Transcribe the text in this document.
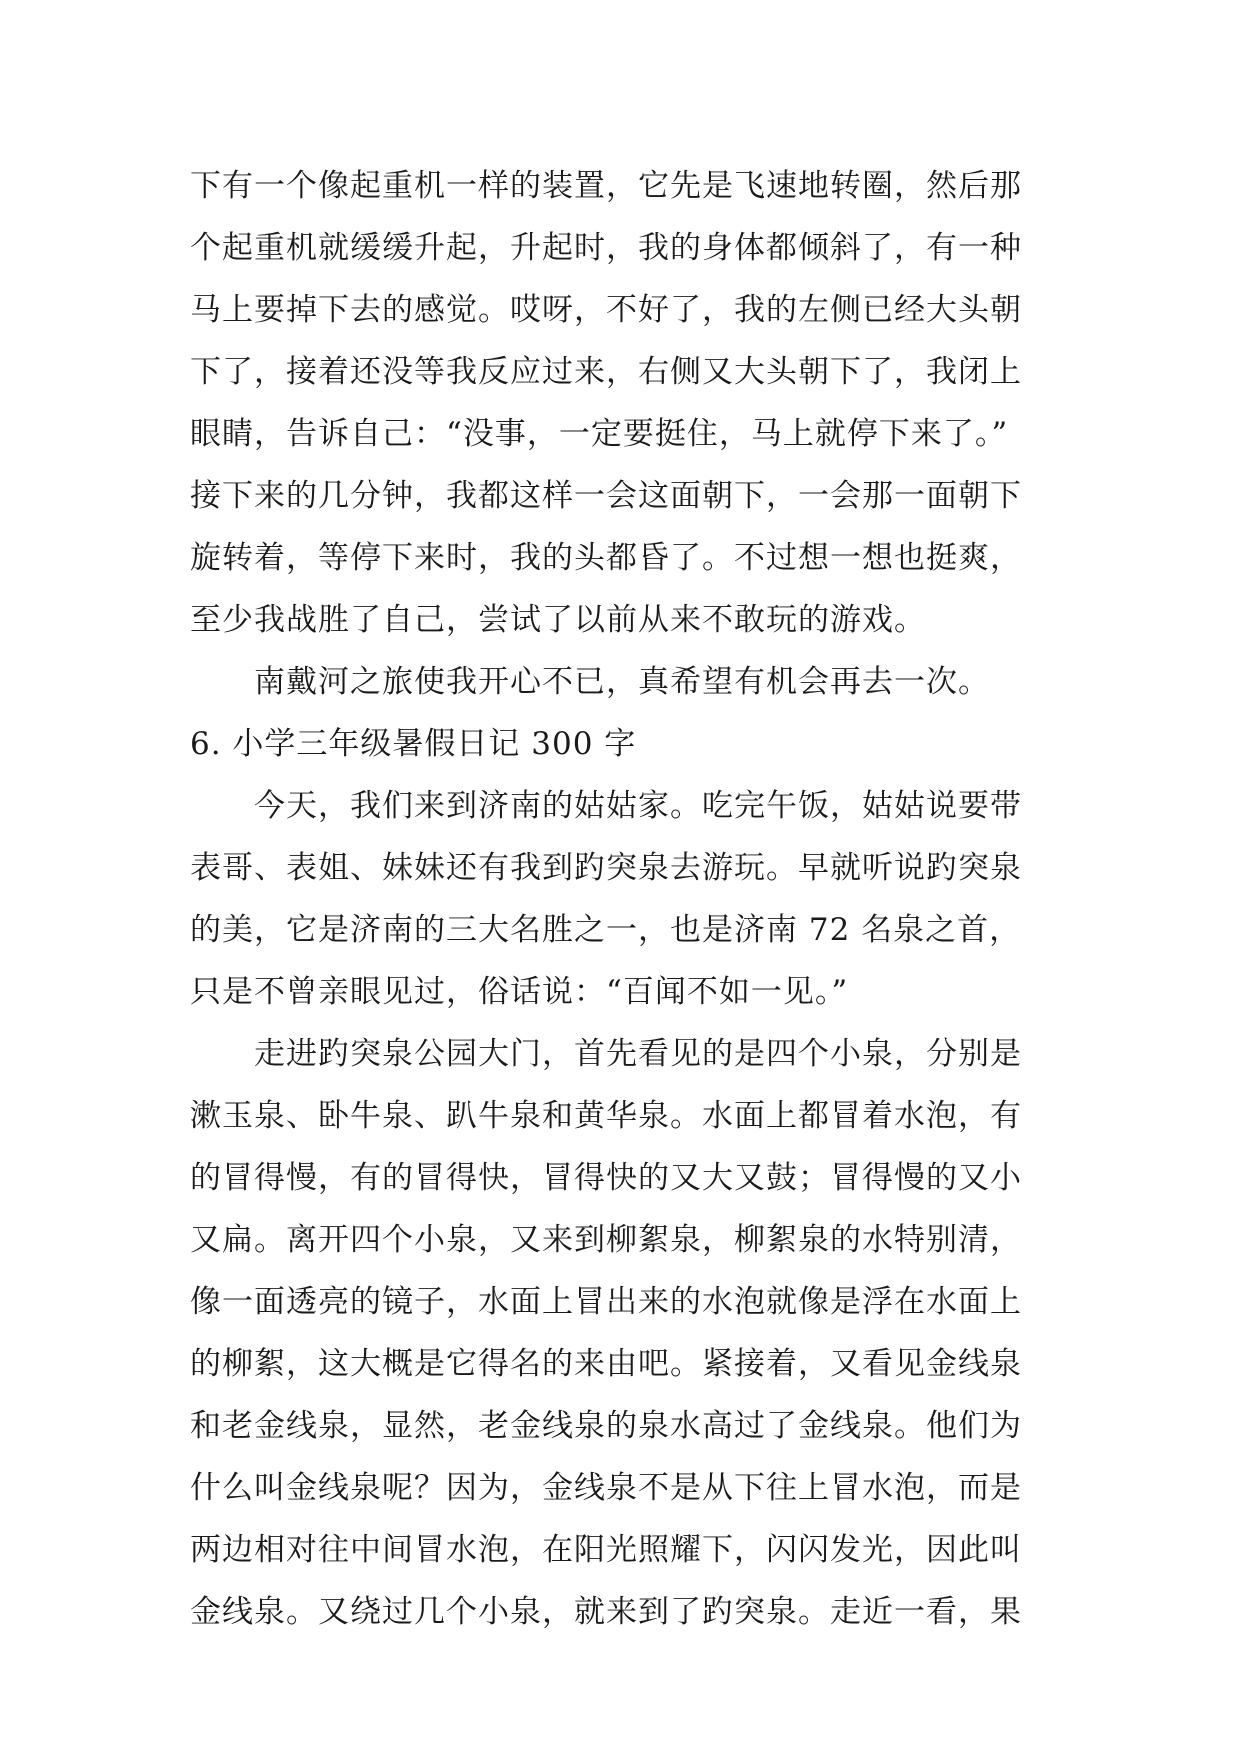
下有一个像起重机一样的装置，它先是飞速地转圈，然后那
个起重机就缓缓升起，升起时，我的身体都倾斜了，有一种
马上要掉下去的感觉。哎呀，不好了，我的左侧已经大头朝
下了，接着还没等我反应过来，右侧又大头朝下了，我闭上
眼睛，告诉自己：“没事，一定要挺住，马上就停下来了。”
接下来的几分钟，我都这样一会这面朝下，一会那一面朝下
旋转着，等停下来时，我的头都昏了。不过想一想也挺爽，
至少我战胜了自己，尝试了以前从来不敢玩的游戏。
南戴河之旅使我开心不已，真希望有机会再去一次。
6. 小学三年级暑假日记 300 字
今天，我们来到济南的姑姑家。吃完午饭，姑姑说要带
表哥、表姐、妹妹还有我到趵突泉去游玩。早就听说趵突泉
的美，它是济南的三大名胜之一，也是济南 72 名泉之首，
只是不曾亲眼见过，俗话说：“百闻不如一见。”
走进趵突泉公园大门，首先看见的是四个小泉，分别是
漱玉泉、卧牛泉、趴牛泉和黄华泉。水面上都冒着水泡，有
的冒得慢，有的冒得快，冒得快的又大又鼓；冒得慢的又小
又扁。离开四个小泉，又来到柳絮泉，柳絮泉的水特别清，
像一面透亮的镜子，水面上冒出来的水泡就像是浮在水面上
的柳絮，这大概是它得名的来由吧。紧接着，又看见金线泉
和老金线泉，显然，老金线泉的泉水高过了金线泉。他们为
什么叫金线泉呢？因为，金线泉不是从下往上冒水泡，而是
两边相对往中间冒水泡，在阳光照耀下，闪闪发光，因此叫
金线泉。又绕过几个小泉，就来到了趵突泉。走近一看，果
